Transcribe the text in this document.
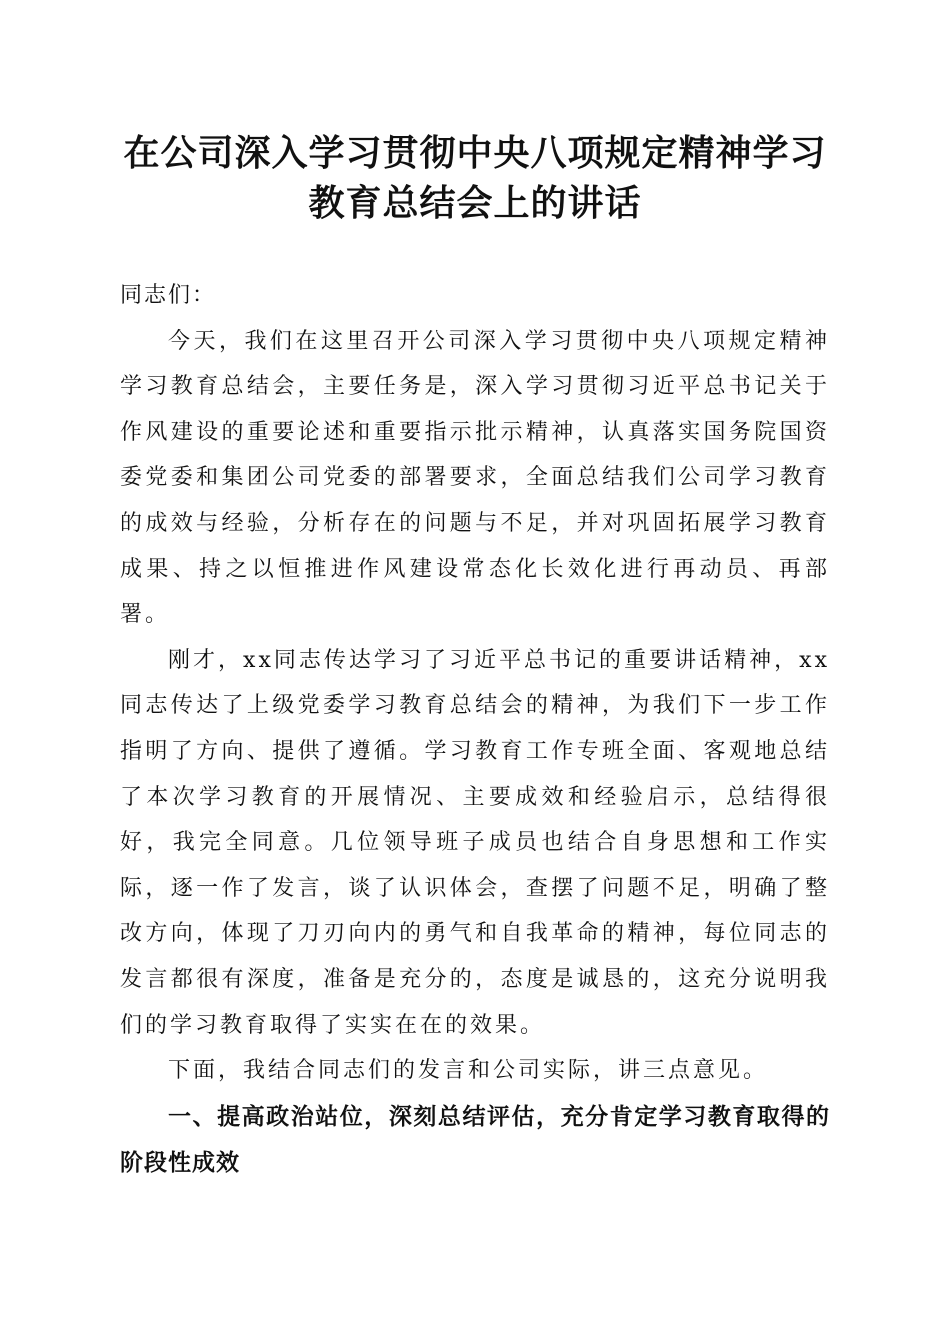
在公司深入学习贯彻中央八项规定精神学习教育总结会上的讲话

同志们：

今天，我们在这里召开公司深入学习贯彻中央八项规定精神学习教育总结会，主要任务是，深入学习贯彻习近平总书记关于作风建设的重要论述和重要指示批示精神，认真落实国务院国资委党委和集团公司党委的部署要求，全面总结我们公司学习教育的成效与经验，分析存在的问题与不足，并对巩固拓展学习教育成果、持之以恒推进作风建设常态化长效化进行再动员、再部署。

刚才，xx同志传达学习了习近平总书记的重要讲话精神，xx同志传达了上级党委学习教育总结会的精神，为我们下一步工作指明了方向、提供了遵循。学习教育工作专班全面、客观地总结了本次学习教育的开展情况、主要成效和经验启示，总结得很好，我完全同意。几位领导班子成员也结合自身思想和工作实际，逐一作了发言，谈了认识体会，查摆了问题不足，明确了整改方向，体现了刀刃向内的勇气和自我革命的精神，每位同志的发言都很有深度，准备是充分的，态度是诚恳的，这充分说明我们的学习教育取得了实实在在的效果。

下面，我结合同志们的发言和公司实际，讲三点意见。

一、提高政治站位，深刻总结评估，充分肯定学习教育取得的阶段性成效
